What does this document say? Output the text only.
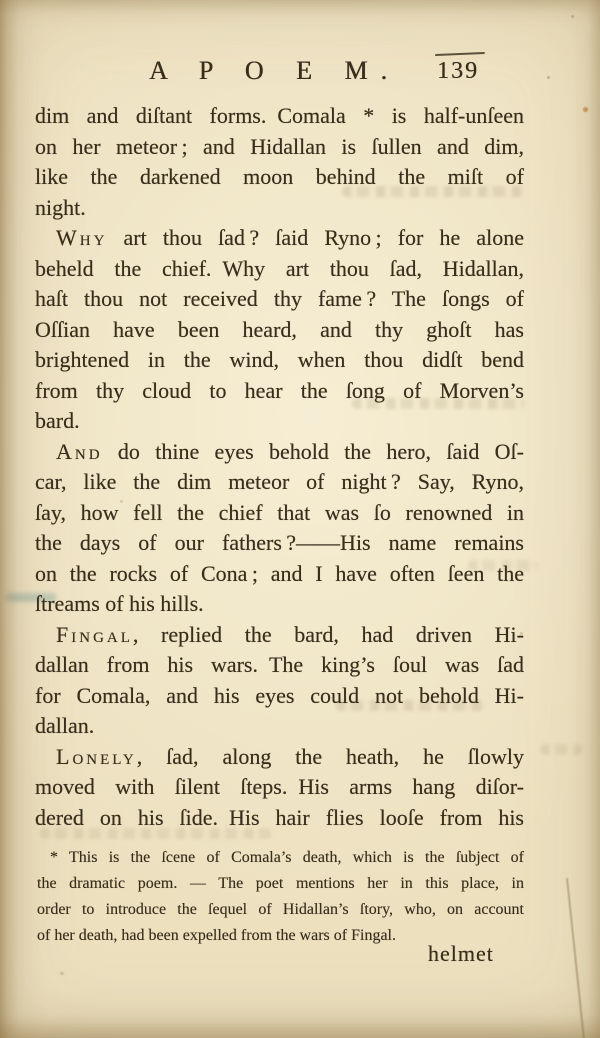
A P O E M.	139
dim and diſtant forms. Comala * is half-unſeen
on her meteor ; and Hidallan is ſullen and dim,
like the darkened moon behind the miſt of
night.
Why art thou ſad ? ſaid Ryno ; for he alone
beheld the chief. Why art thou ſad, Hidallan,
haſt thou not received thy fame ? The ſongs of
Oſſian have been heard, and thy ghoſt has
brightened in the wind, when thou didſt bend
from thy cloud to hear the ſong of Morven’s
bard.
And do thine eyes behold the hero, ſaid Oſ-
car, like the dim meteor of night ? Say, Ryno,
ſay, how fell the chief that was ſo renowned in
the days of our fathers ?——His name remains
on the rocks of Cona ; and I have often ſeen the
ſtreams of his hills.
Fingal, replied the bard, had driven Hi-
dallan from his wars. The king’s ſoul was ſad
for Comala, and his eyes could not behold Hi-
dallan.
Lonely, ſad, along the heath, he ſlowly
moved with ſilent ſteps. His arms hang diſor-
dered on his ſide. His hair flies looſe from his
* This is the ſcene of Comala’s death, which is the ſubject of
the dramatic poem. — The poet mentions her in this place, in
order to introduce the ſequel of Hidallan’s ſtory, who, on account
of her death, had been expelled from the wars of Fingal.
helmet
